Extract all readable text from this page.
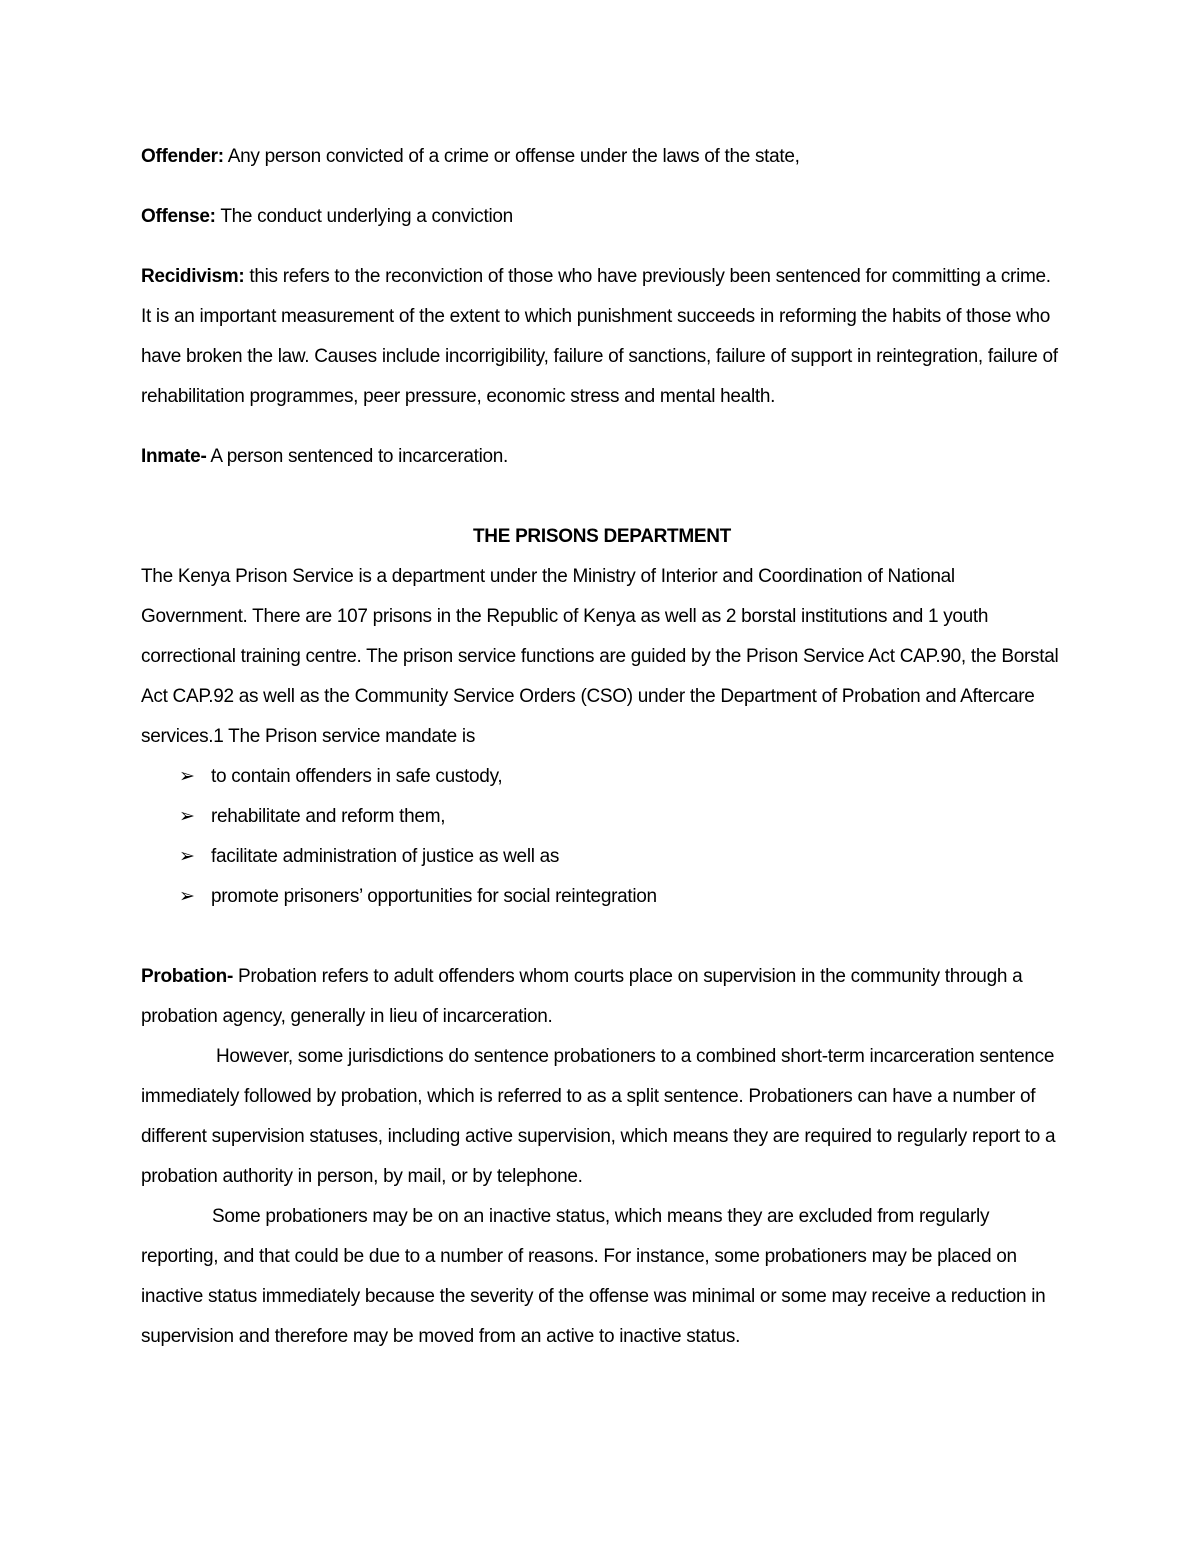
Offender: Any person convicted of a crime or offense under the laws of the state,

Offense: The conduct underlying a conviction

Recidivism: this refers to the reconviction of those who have previously been sentenced for committing a crime. It is an important measurement of the extent to which punishment succeeds in reforming the habits of those who have broken the law. Causes include incorrigibility, failure of sanctions, failure of support in reintegration, failure of rehabilitation programmes, peer pressure, economic stress and mental health.

Inmate- A person sentenced to incarceration.

THE PRISONS DEPARTMENT

The Kenya Prison Service is a department under the Ministry of Interior and Coordination of National Government. There are 107 prisons in the Republic of Kenya as well as 2 borstal institutions and 1 youth correctional training centre. The prison service functions are guided by the Prison Service Act CAP.90, the Borstal Act CAP.92 as well as the Community Service Orders (CSO) under the Department of Probation and Aftercare services.1 The Prison service mandate is

➢ to contain offenders in safe custody,
➢ rehabilitate and reform them,
➢ facilitate administration of justice as well as
➢ promote prisoners’ opportunities for social reintegration

Probation- Probation refers to adult offenders whom courts place on supervision in the community through a probation agency, generally in lieu of incarceration.

However, some jurisdictions do sentence probationers to a combined short-term incarceration sentence immediately followed by probation, which is referred to as a split sentence. Probationers can have a number of different supervision statuses, including active supervision, which means they are required to regularly report to a probation authority in person, by mail, or by telephone.

Some probationers may be on an inactive status, which means they are excluded from regularly reporting, and that could be due to a number of reasons. For instance, some probationers may be placed on inactive status immediately because the severity of the offense was minimal or some may receive a reduction in supervision and therefore may be moved from an active to inactive status.
